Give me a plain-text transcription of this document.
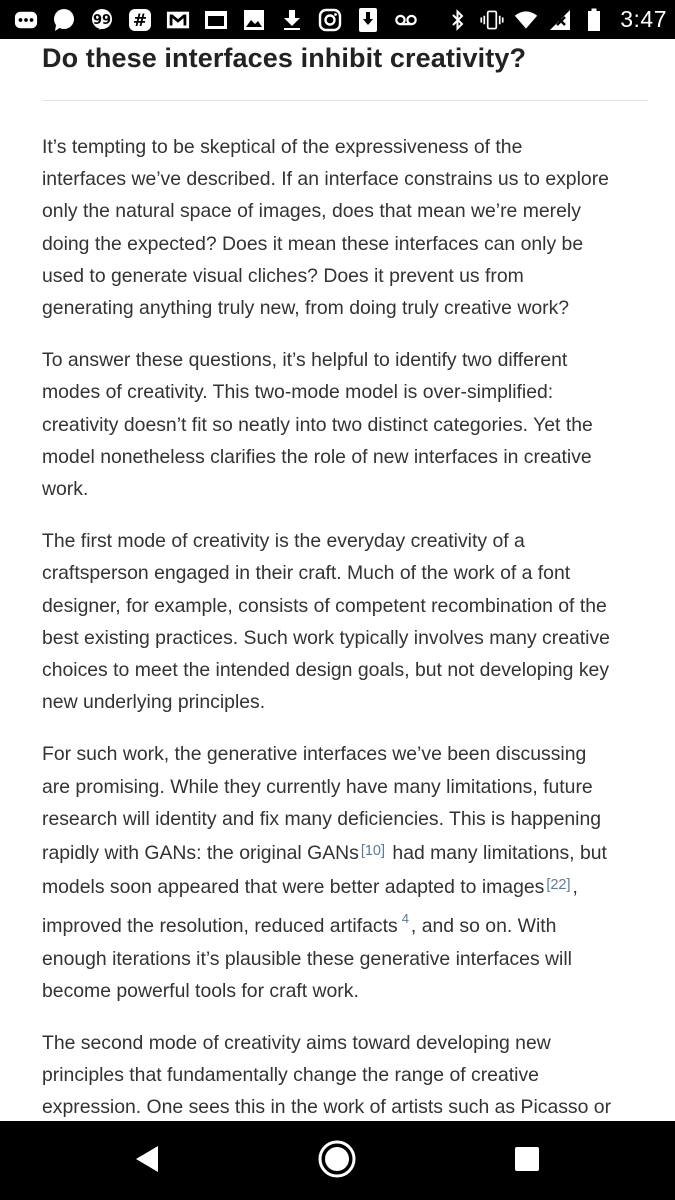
99 #	3:47
Do these interfaces inhibit creativity?

It’s tempting to be skeptical of the expressiveness of the
interfaces we’ve described. If an interface constrains us to explore
only the natural space of images, does that mean we’re merely
doing the expected? Does it mean these interfaces can only be
used to generate visual cliches? Does it prevent us from
generating anything truly new, from doing truly creative work?

To answer these questions, it’s helpful to identify two different
modes of creativity. This two-mode model is over-simplified:
creativity doesn’t fit so neatly into two distinct categories. Yet the
model nonetheless clarifies the role of new interfaces in creative
work.

The first mode of creativity is the everyday creativity of a
craftsperson engaged in their craft. Much of the work of a font
designer, for example, consists of competent recombination of the
best existing practices. Such work typically involves many creative
choices to meet the intended design goals, but not developing key
new underlying principles.

For such work, the generative interfaces we’ve been discussing
are promising. While they currently have many limitations, future
research will identity and fix many deficiencies. This is happening
rapidly with GANs: the original GANs [10] had many limitations, but
models soon appeared that were better adapted to images [22] ,
improved the resolution, reduced artifacts $^4$ , and so on. With
enough iterations it’s plausible these generative interfaces will
become powerful tools for craft work.

The second mode of creativity aims toward developing new
principles that fundamentally change the range of creative
expression. One sees this in the work of artists such as Picasso or
